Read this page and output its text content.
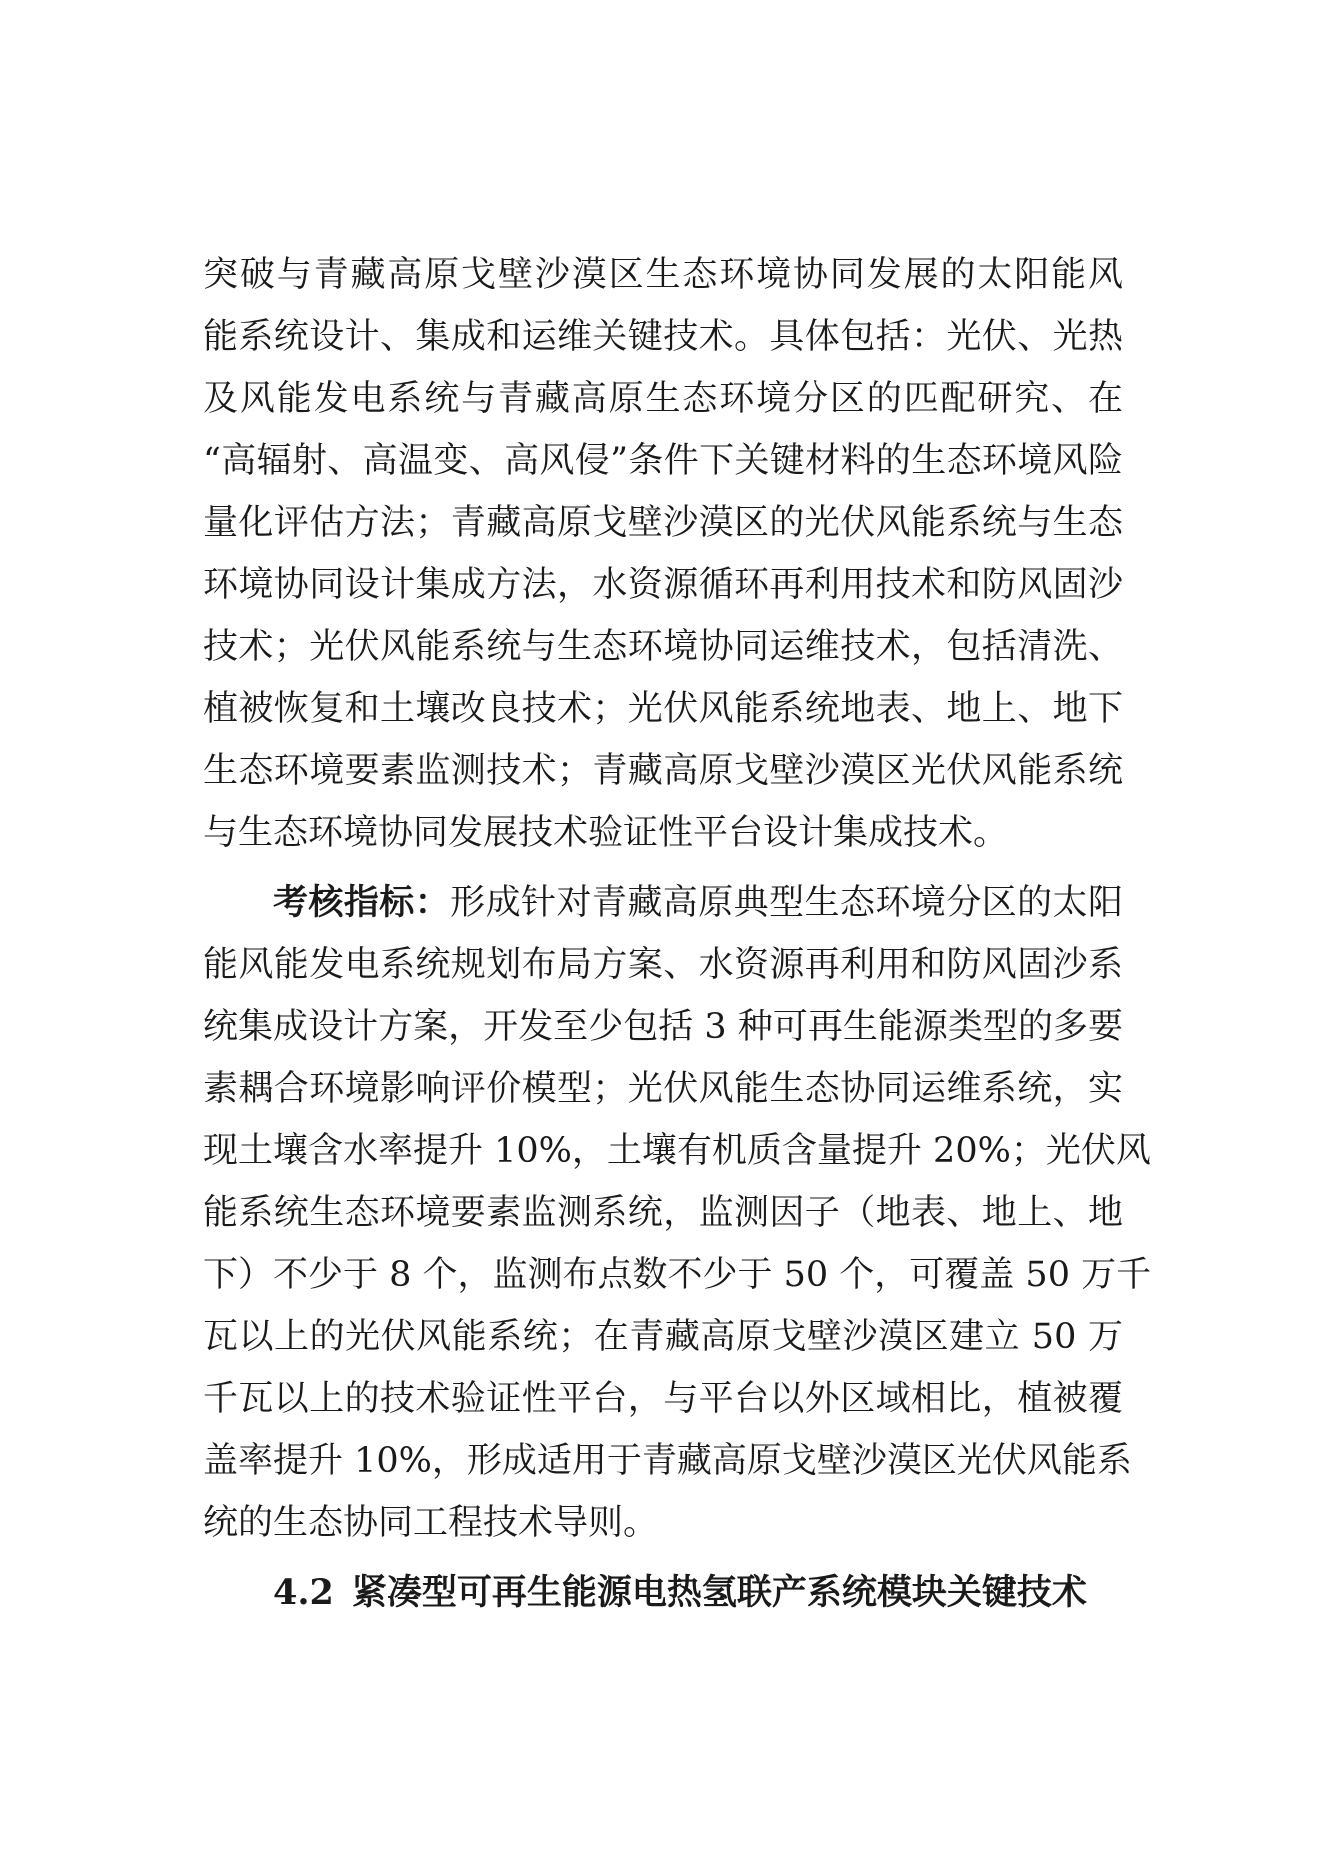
突破与青藏高原戈壁沙漠区生态环境协同发展的太阳能风
能系统设计、集成和运维关键技术。具体包括：光伏、光热
及风能发电系统与青藏高原生态环境分区的匹配研究、在
“高辐射、高温变、高风侵”条件下关键材料的生态环境风险
量化评估方法；青藏高原戈壁沙漠区的光伏风能系统与生态
环境协同设计集成方法，水资源循环再利用技术和防风固沙
技术；光伏风能系统与生态环境协同运维技术，包括清洗、
植被恢复和土壤改良技术；光伏风能系统地表、地上、地下
生态环境要素监测技术；青藏高原戈壁沙漠区光伏风能系统
与生态环境协同发展技术验证性平台设计集成技术。
考核指标：形成针对青藏高原典型生态环境分区的太阳
能风能发电系统规划布局方案、水资源再利用和防风固沙系
统集成设计方案，开发至少包括 3 种可再生能源类型的多要
素耦合环境影响评价模型；光伏风能生态协同运维系统，实
现土壤含水率提升 10%，土壤有机质含量提升 20%；光伏风
能系统生态环境要素监测系统，监测因子（地表、地上、地
下）不少于 8 个，监测布点数不少于 50 个，可覆盖 50 万千
瓦以上的光伏风能系统；在青藏高原戈壁沙漠区建立 50 万
千瓦以上的技术验证性平台，与平台以外区域相比，植被覆
盖率提升 10%，形成适用于青藏高原戈壁沙漠区光伏风能系
统的生态协同工程技术导则。
4.2 紧凑型可再生能源电热氢联产系统模块关键技术
